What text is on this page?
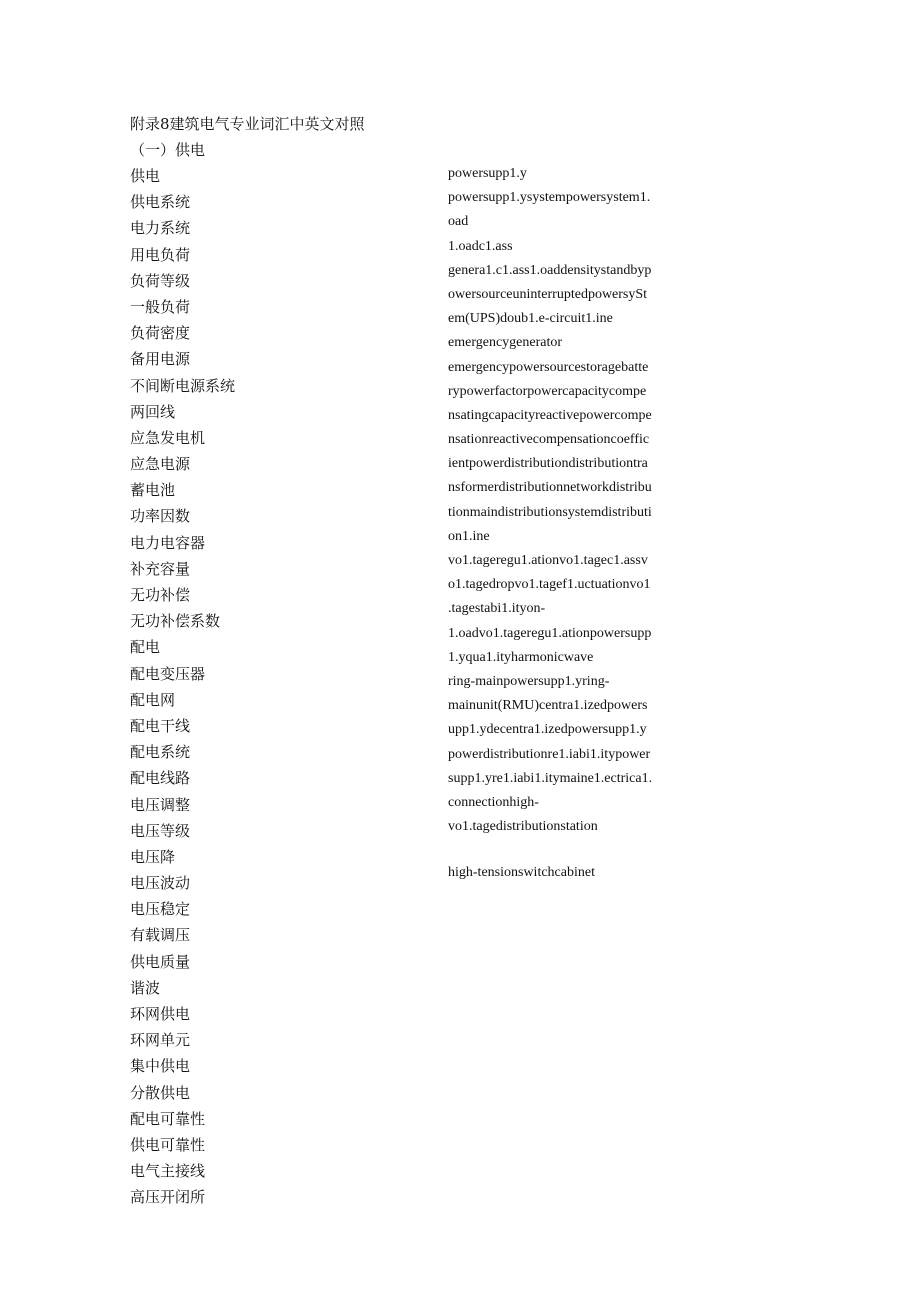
附录8建筑电气专业词汇中英文对照
（一）供电
供电
供电系统
电力系统
用电负荷
负荷等级
一般负荷
负荷密度
备用电源
不间断电源系统
两回线
应急发电机
应急电源
蓄电池
功率因数
电力电容器
补充容量
无功补偿
无功补偿系数
配电
配电变压器
配电网
配电干线
配电系统
配电线路
电压调整
电压等级
电压降
电压波动
电压稳定
有载调压
供电质量
谐波
环网供电
环网单元
集中供电
分散供电
配电可靠性
供电可靠性
电气主接线
高压开闭所
powersupp1.y
powersupp1.ysystempowersystem1.
oad
1.oadc1.ass
genera1.c1.ass1.oaddensitystandbyp
owersourceuninterruptedpowersySt
em(UPS)doub1.e-circuit1.ine
emergencygenerator
emergencypowersourcestoragebatte
rypowerfactorpowercapacitycompe
nsatingcapacityreactivepowercompe
nsationreactivecompensationcoeffic
ientpowerdistributiondistributiontra
nsformerdistributionnetworkdistribu
tionmaindistributionsystemdistributi
on1.ine
vo1.tageregu1.ationvo1.tagec1.assv
o1.tagedropvo1.tagef1.uctuationvo1
.tagestabi1.ityon-
1.oadvo1.tageregu1.ationpowersupp
1.yqua1.ityharmonicwave
ring-mainpowersupp1.yring-
mainunit(RMU)centra1.izedpowers
upp1.ydecentra1.izedpowersupp1.y
powerdistributionre1.iabi1.itypower
supp1.yre1.iabi1.itymaine1.ectrica1.
connectionhigh-
vo1.tagedistributionstation
high-tensionswitchcabinet
